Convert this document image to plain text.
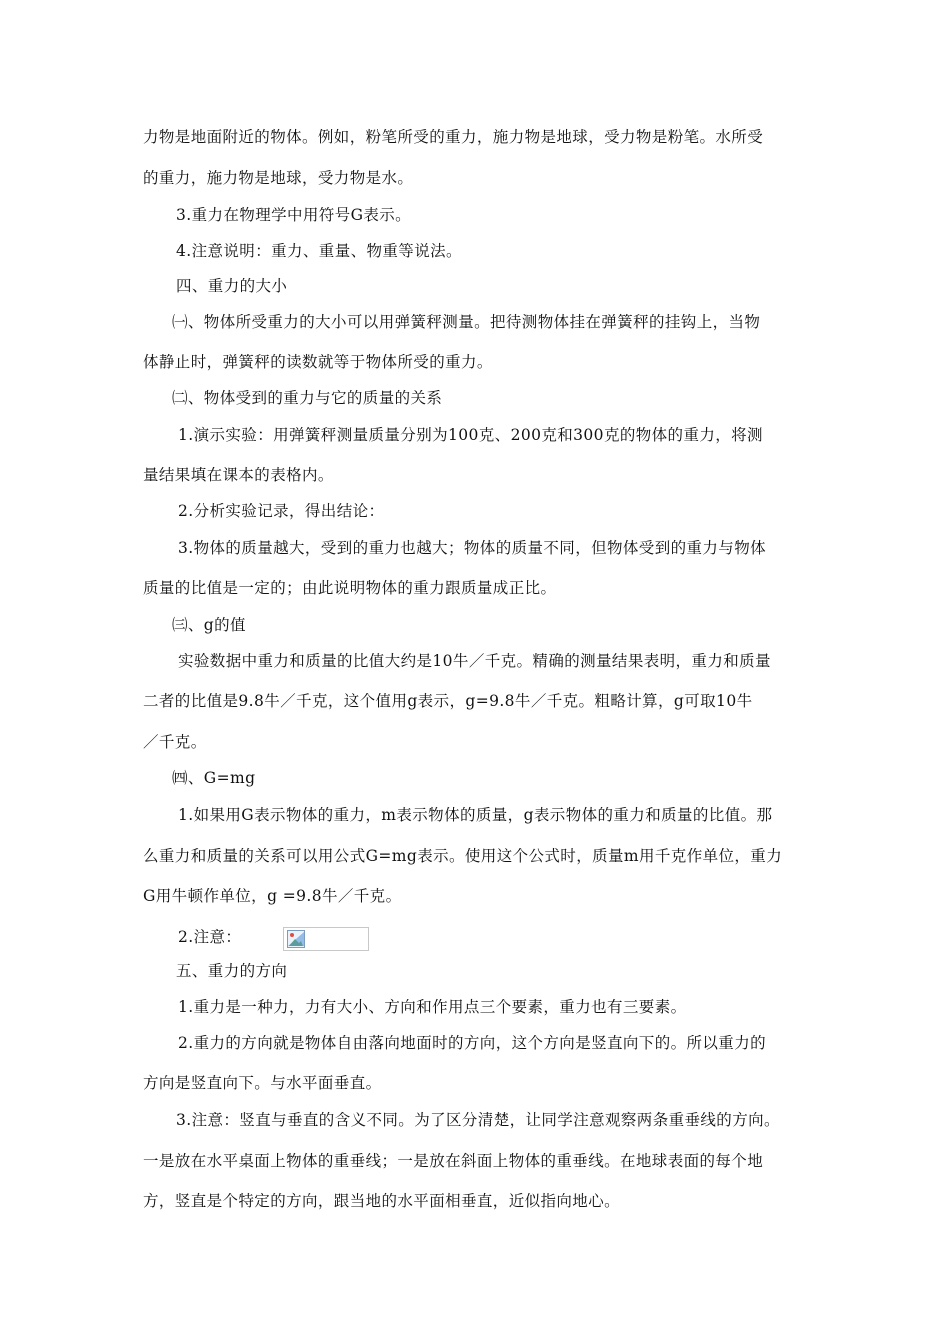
力物是地面附近的物体。例如，粉笔所受的重力，施力物是地球，受力物是粉笔。水所受
的重力，施力物是地球，受力物是水。
3.重力在物理学中用符号G表示。
4.注意说明：重力、重量、物重等说法。
四、重力的大小
㈠、物体所受重力的大小可以用弹簧秤测量。把待测物体挂在弹簧秤的挂钩上，当物
体静止时，弹簧秤的读数就等于物体所受的重力。
㈡、物体受到的重力与它的质量的关系
1.演示实验：用弹簧秤测量质量分别为100克、200克和300克的物体的重力，将测
量结果填在课本的表格内。
2.分析实验记录，得出结论：
3.物体的质量越大，受到的重力也越大；物体的质量不同，但物体受到的重力与物体
质量的比值是一定的；由此说明物体的重力跟质量成正比。
㈢、g的值
实验数据中重力和质量的比值大约是10牛／千克。精确的测量结果表明，重力和质量
二者的比值是9.8牛／千克，这个值用g表示，g=9.8牛／千克。粗略计算，g可取10牛
／千克。
㈣、G=mg
1.如果用G表示物体的重力，m表示物体的质量，g表示物体的重力和质量的比值。那
么重力和质量的关系可以用公式G=mg表示。使用这个公式时，质量m用千克作单位，重力
G用牛顿作单位，g =9.8牛／千克。
2.注意：
五、重力的方向
1.重力是一种力，力有大小、方向和作用点三个要素，重力也有三要素。
2.重力的方向就是物体自由落向地面时的方向，这个方向是竖直向下的。所以重力的
方向是竖直向下。与水平面垂直。
3.注意：竖直与垂直的含义不同。为了区分清楚，让同学注意观察两条重垂线的方向。
一是放在水平桌面上物体的重垂线；一是放在斜面上物体的重垂线。在地球表面的每个地
方，竖直是个特定的方向，跟当地的水平面相垂直，近似指向地心。
